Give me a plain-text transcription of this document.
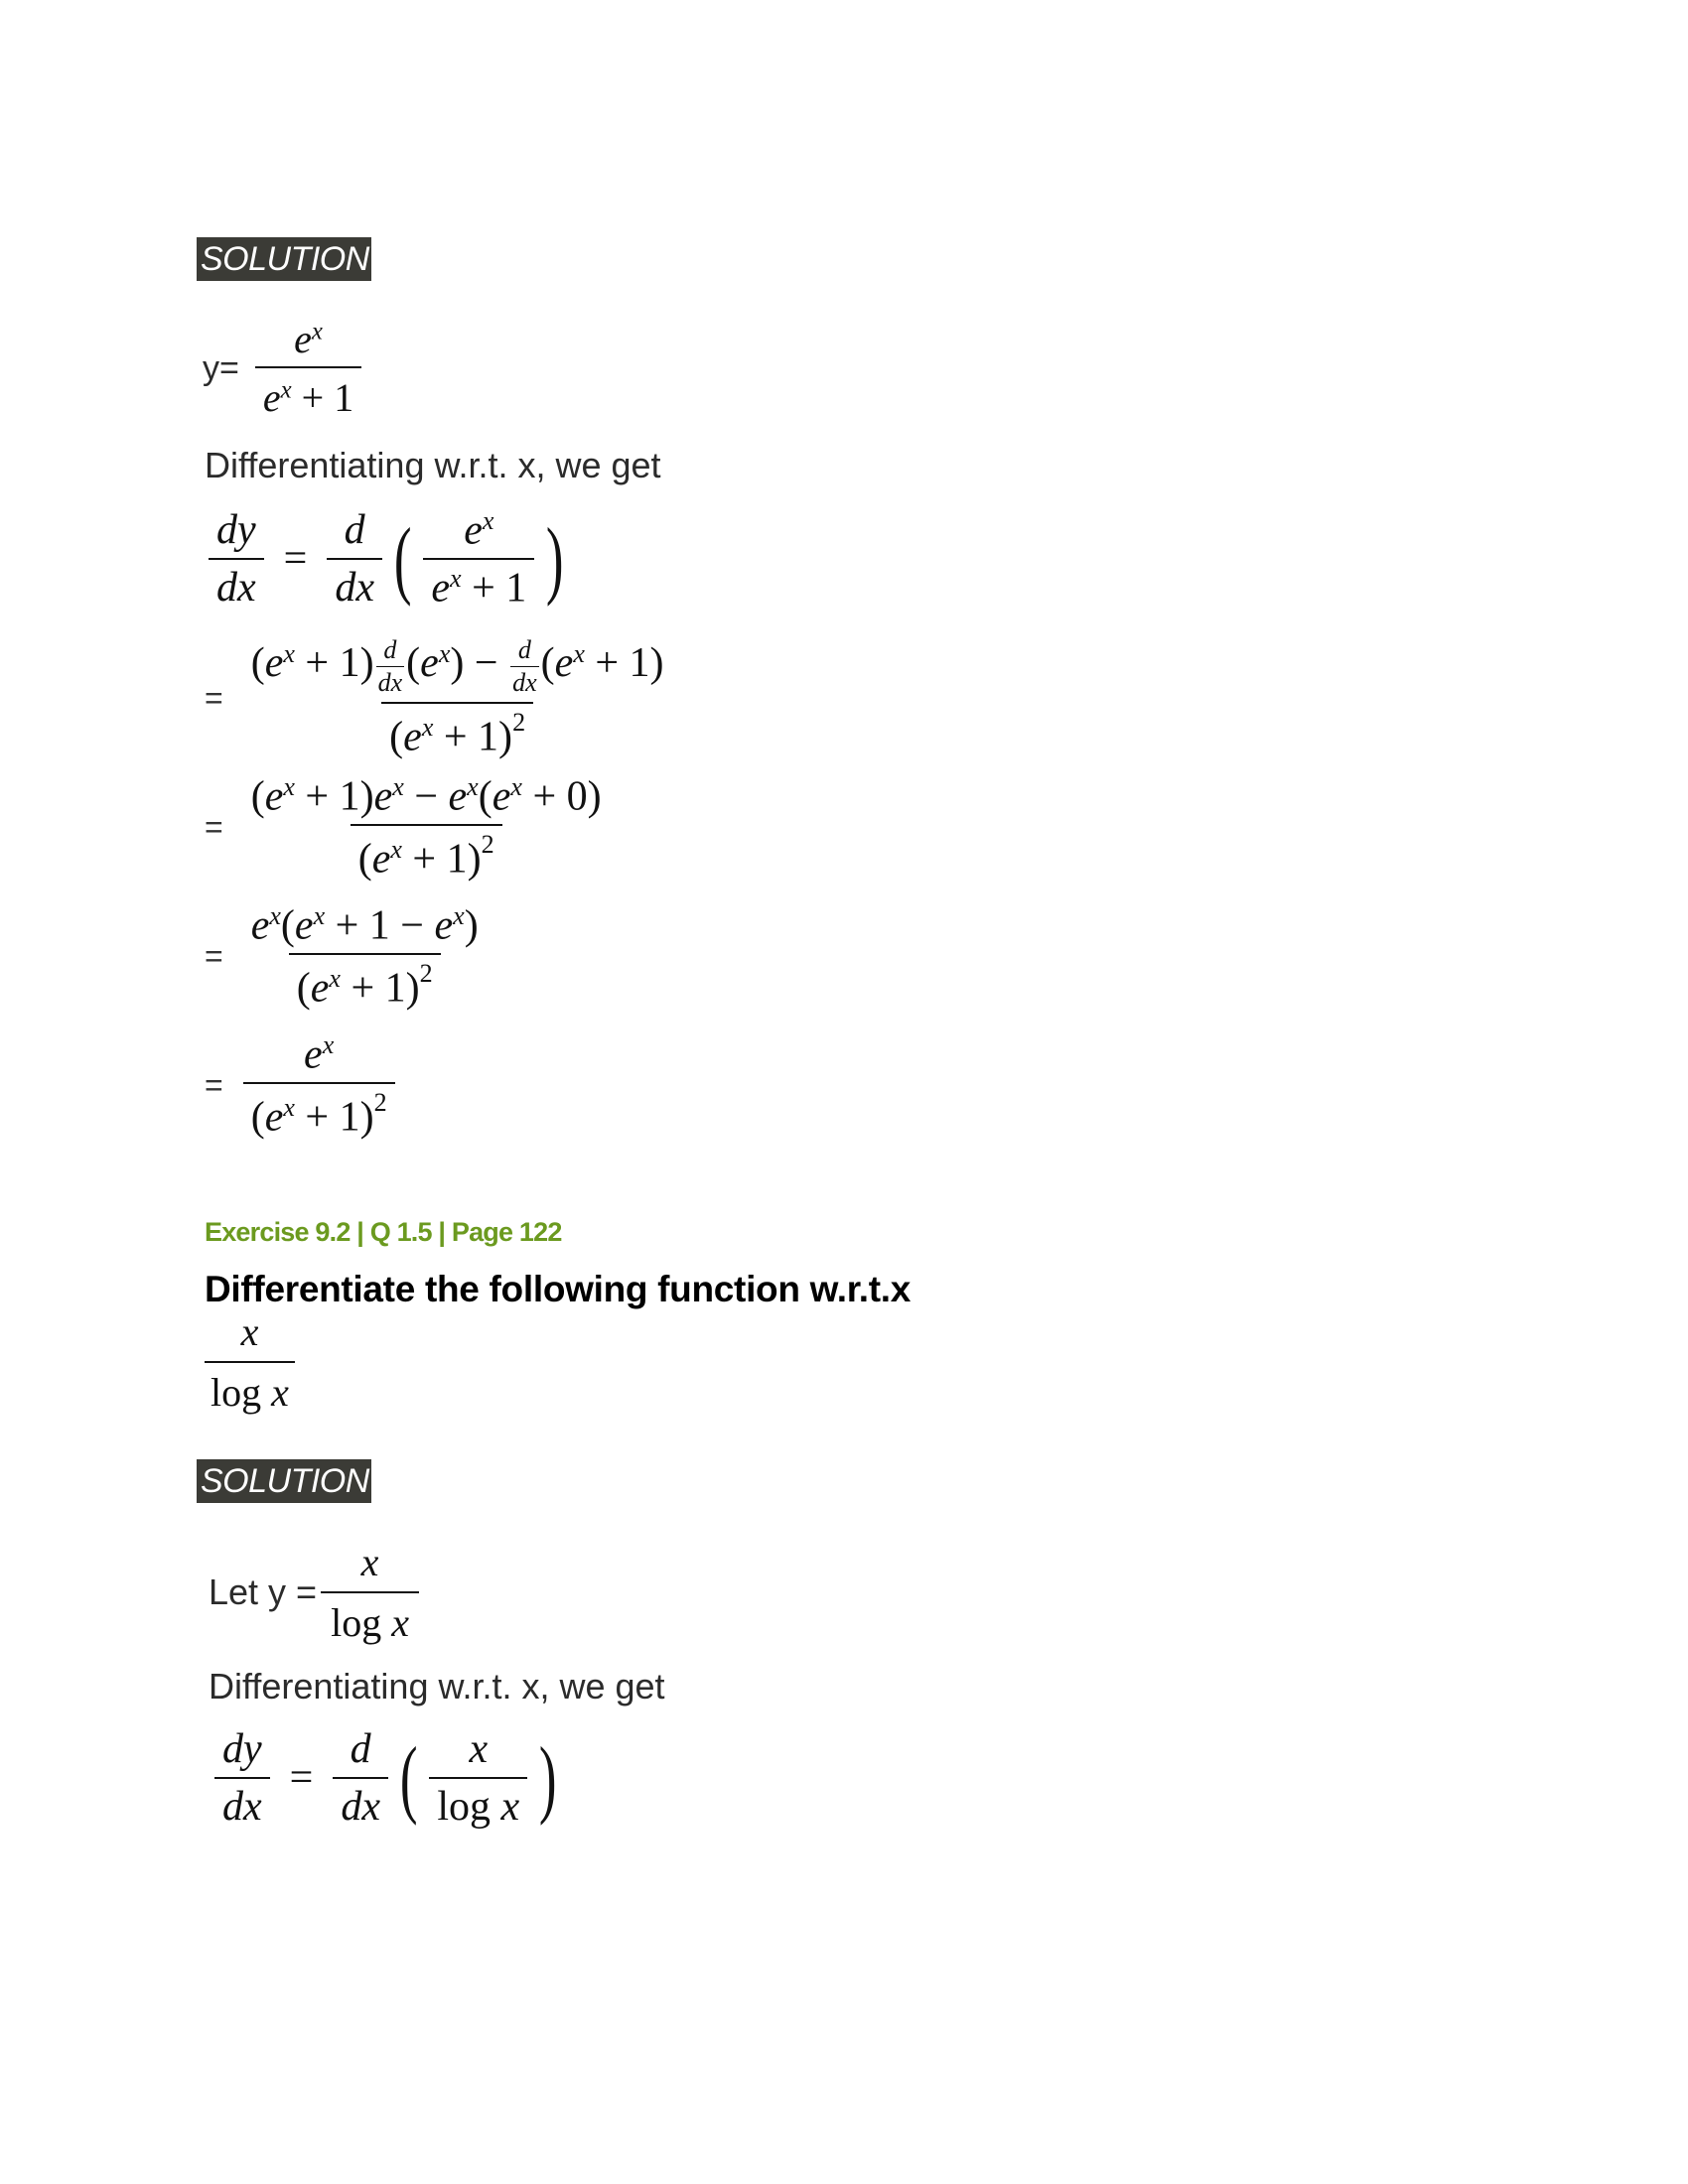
SOLUTION
$y= \frac{e^x}{e^x + 1}$
Differentiating w.r.t. x, we get
$\frac{dy}{dx} = \frac{d}{dx}$ ( $\frac{e^x}{e^x + 1}$ )
= $\frac{(e^x + 1) \frac{d}{dx} (e^x) - \frac{d}{dx} (e^x + 1)}{(e^x + 1)^2}$
= $\frac{(e^x + 1)e^x - e^x(e^x + 0)}{(e^x + 1)^2}$
= $\frac{e^x(e^x + 1 - e^x)}{(e^x + 1)^2}$
= $\frac{e^x}{(e^x + 1)^2}$
Exercise 9.2 | Q 1.5 | Page 122
Differentiate the following function w.r.t.x
$\frac{x}{\text{log x}}$
SOLUTION
Let $y = \frac{x}{\text{log x}}$
Differentiating w.r.t. x, we get
$\frac{dy}{dx} = \frac{d}{dx}$ ( $\frac{x}{\text{log x}}$ )
